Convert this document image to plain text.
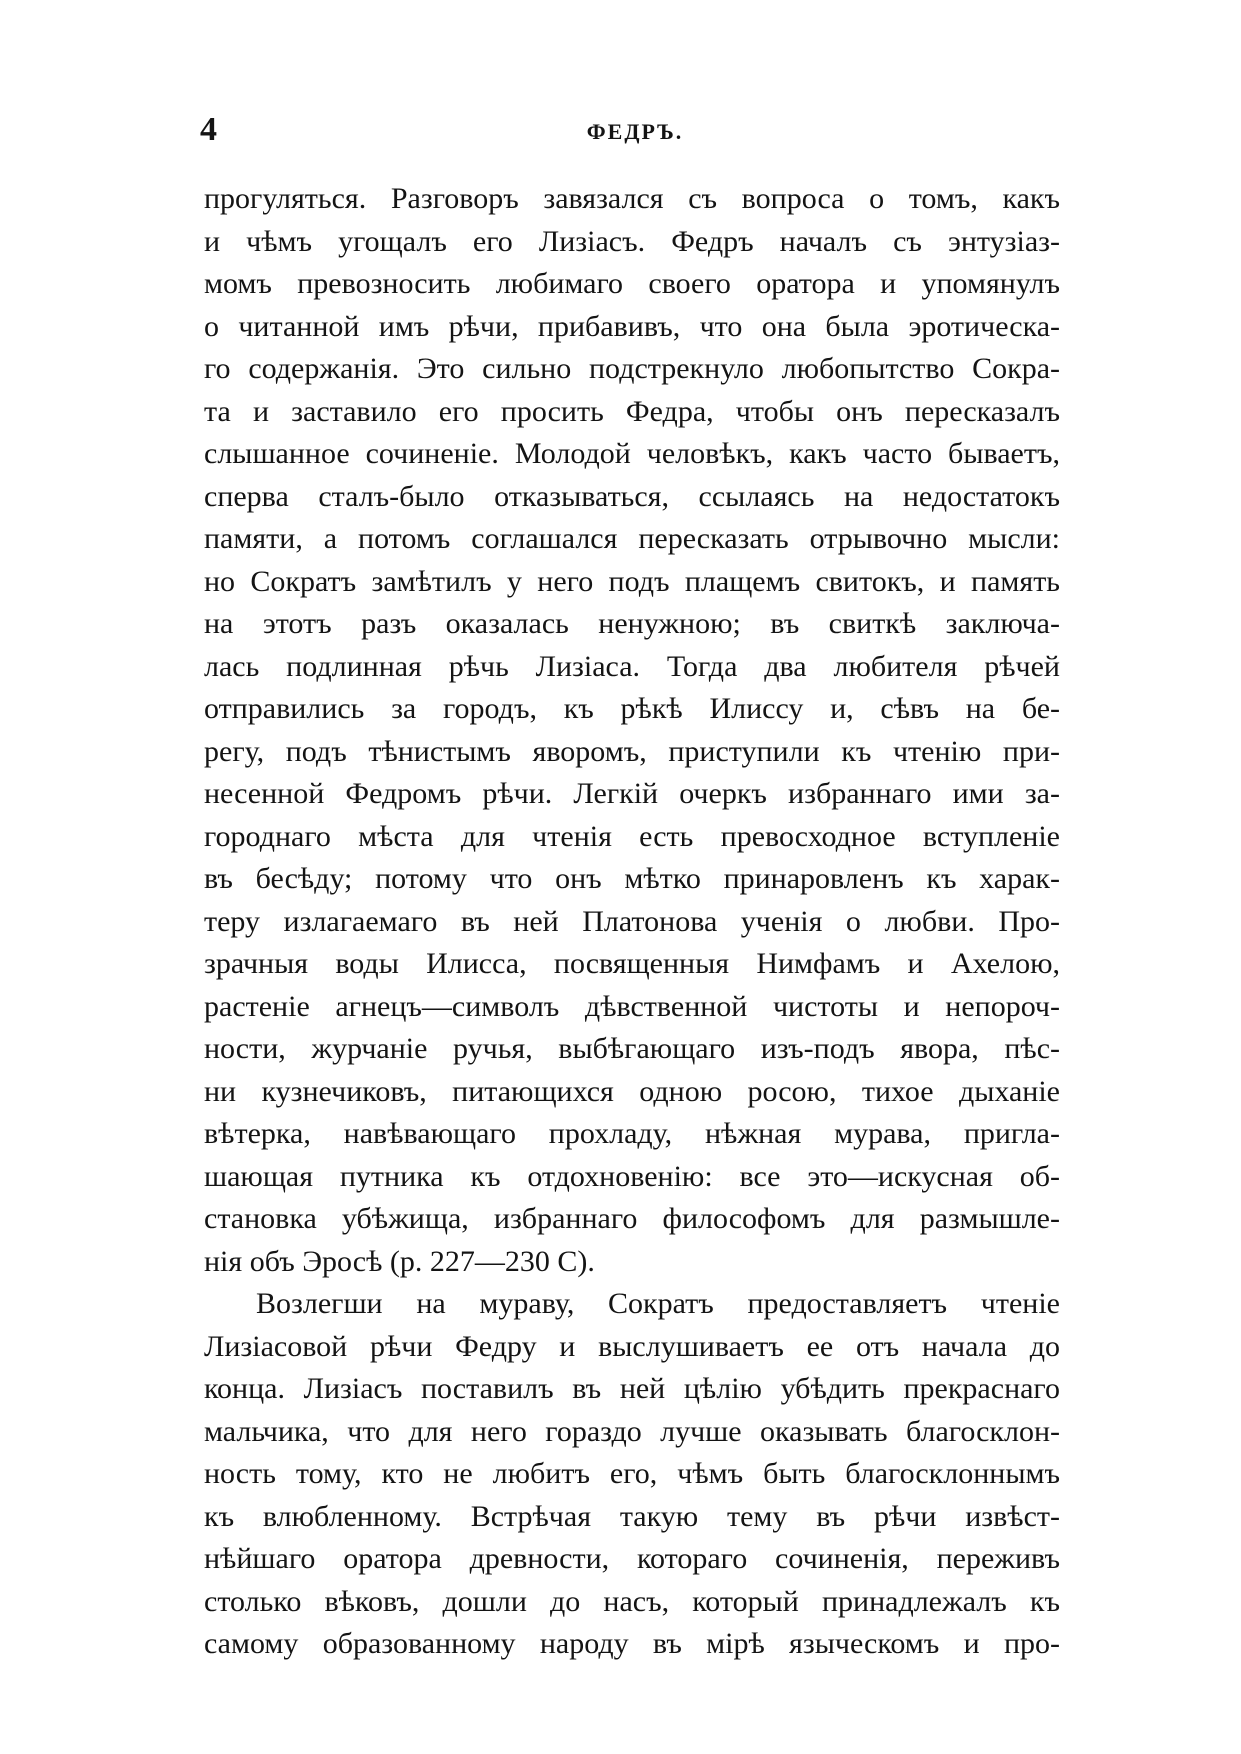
4	ФЕДРЪ.
прогуляться. Разговоръ завязался съ вопроса о томъ, какъ
и чѣмъ угощалъ его Лизіасъ. Федръ началъ съ энтузіаз-
момъ превозносить любимаго своего оратора и упомянулъ
о читанной имъ рѣчи, прибавивъ, что она была эротическа-
го содержанія. Это сильно подстрекнуло любопытство Сокра-
та и заставило его просить Федра, чтобы онъ пересказалъ
слышанное сочиненіе. Молодой человѣкъ, какъ часто бываетъ,
сперва сталъ-было отказываться, ссылаясь на недостатокъ
памяти, а потомъ соглашался пересказать отрывочно мысли:
но Сократъ замѣтилъ у него подъ плащемъ свитокъ, и память
на этотъ разъ оказалась ненужною; въ свиткѣ заключа-
лась подлинная рѣчь Лизіаса. Тогда два любителя рѣчей
отправились за городъ, къ рѣкѣ Илиссу и, сѣвъ на бе-
регу, подъ тѣнистымъ яворомъ, приступили къ чтенію при-
несенной Федромъ рѣчи. Легкій очеркъ избраннаго ими за-
городнаго мѣста для чтенія есть превосходное вступленіе
въ бесѣду; потому что онъ мѣтко принаровленъ къ харак-
теру излагаемаго въ ней Платонова ученія о любви. Про-
зрачныя воды Илисса, посвященныя Нимфамъ и Ахелою,
растеніе агнецъ—символъ дѣвственной чистоты и непороч-
ности, журчаніе ручья, выбѣгающаго изъ-подъ явора, пѣс-
ни кузнечиковъ, питающихся одною росою, тихое дыханіе
вѣтерка, навѣвающаго прохладу, нѣжная мурава, пригла-
шающая путника къ отдохновенію: все это—искусная об-
становка убѣжища, избраннаго философомъ для размышле-
нія объ Эросѣ (p. 227—230 C).
Возлегши на мураву, Сократъ предоставляетъ чтеніе
Лизіасовой рѣчи Федру и выслушиваетъ ее отъ начала до
конца. Лизіасъ поставилъ въ ней цѣлію убѣдить прекраснаго
мальчика, что для него гораздо лучше оказывать благосклон-
ность тому, кто не любитъ его, чѣмъ быть благосклоннымъ
къ влюбленному. Встрѣчая такую тему въ рѣчи извѣст-
нѣйшаго оратора древности, котораго сочиненія, переживъ
столько вѣковъ, дошли до насъ, который принадлежалъ къ
самому образованному народу въ мірѣ языческомъ и про-
